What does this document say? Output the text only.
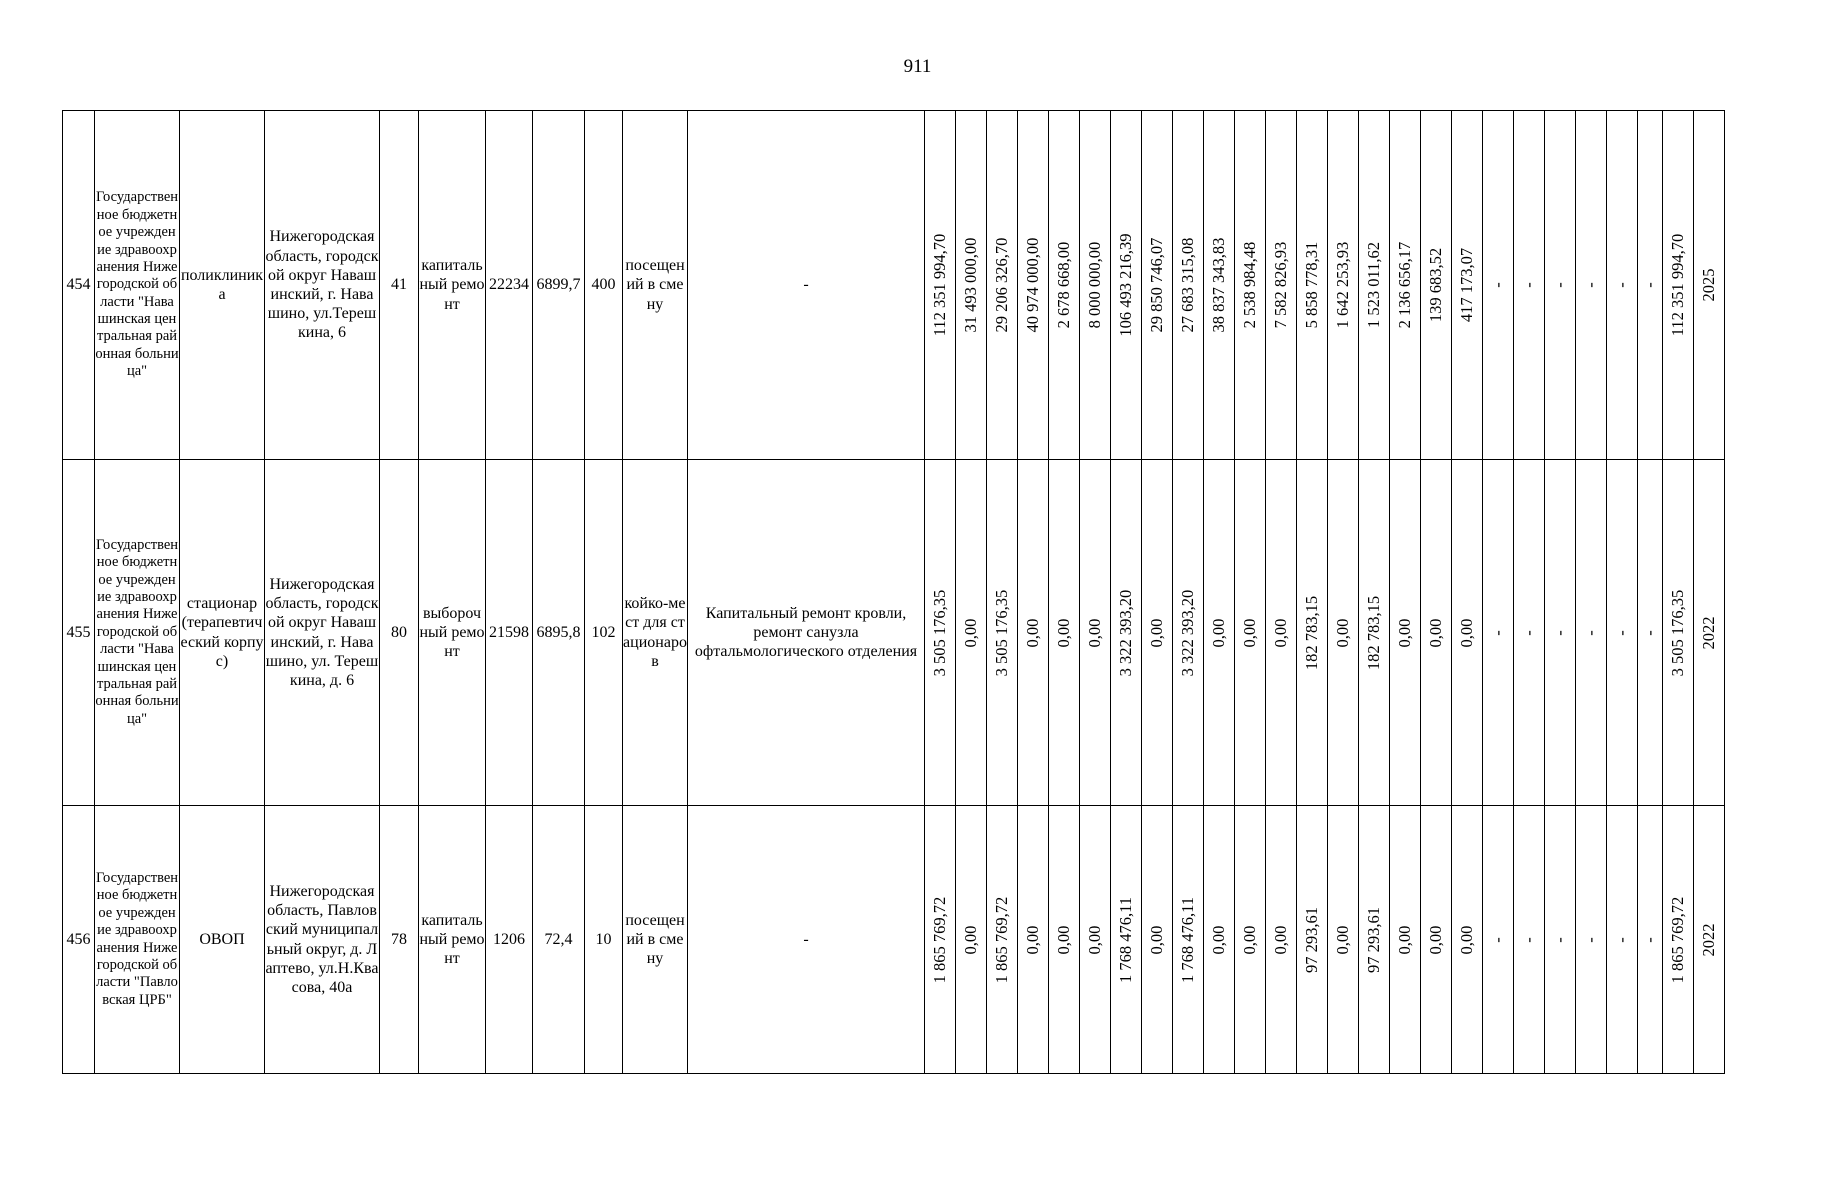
911
454	Государственное бюджетное учреждение здравоохранения Нижегородской области "Навашинская центральная районная больница"	поликлиника	Нижегородская область, городской округ Навашинский, г. Навашино, ул.Терешкина, 6	41	капитальный ремонт	22234	6899,7	400	посещений в смену	-	112 351 994,70	31 493 000,00	29 206 326,70	40 974 000,00	2 678 668,00	8 000 000,00	106 493 216,39	29 850 746,07	27 683 315,08	38 837 343,83	2 538 984,48	7 582 826,93	5 858 778,31	1 642 253,93	1 523 011,62	2 136 656,17	139 683,52	417 173,07	-	-	-	-	-	-	112 351 994,70	2025

455	Государственное бюджетное учреждение здравоохранения Нижегородской области "Навашинская центральная районная больница"	стационар (терапевтический корпус)	Нижегородская область, городской округ Навашинский, г. Навашино, ул. Терешкина, д. 6	80	выборочный ремонт	21598	6895,8	102	койко-мест для стационаров	Капитальный ремонт кровли, ремонт санузла офтальмологического отделения	3 505 176,35	0,00	3 505 176,35	0,00	0,00	0,00	3 322 393,20	0,00	3 322 393,20	0,00	0,00	0,00	182 783,15	0,00	182 783,15	0,00	0,00	0,00	-	-	-	-	-	-	3 505 176,35	2022

456	Государственное бюджетное учреждение здравоохранения Нижегородской области "Павловская ЦРБ"	ОВОП	Нижегородская область, Павловский муниципальный округ, д. Лаптево, ул.Н.Квасова, 40а	78	капитальный ремонт	1206	72,4	10	посещений в смену	-	1 865 769,72	0,00	1 865 769,72	0,00	0,00	0,00	1 768 476,11	0,00	1 768 476,11	0,00	0,00	0,00	97 293,61	0,00	97 293,61	0,00	0,00	0,00	-	-	-	-	-	-	1 865 769,72	2022
